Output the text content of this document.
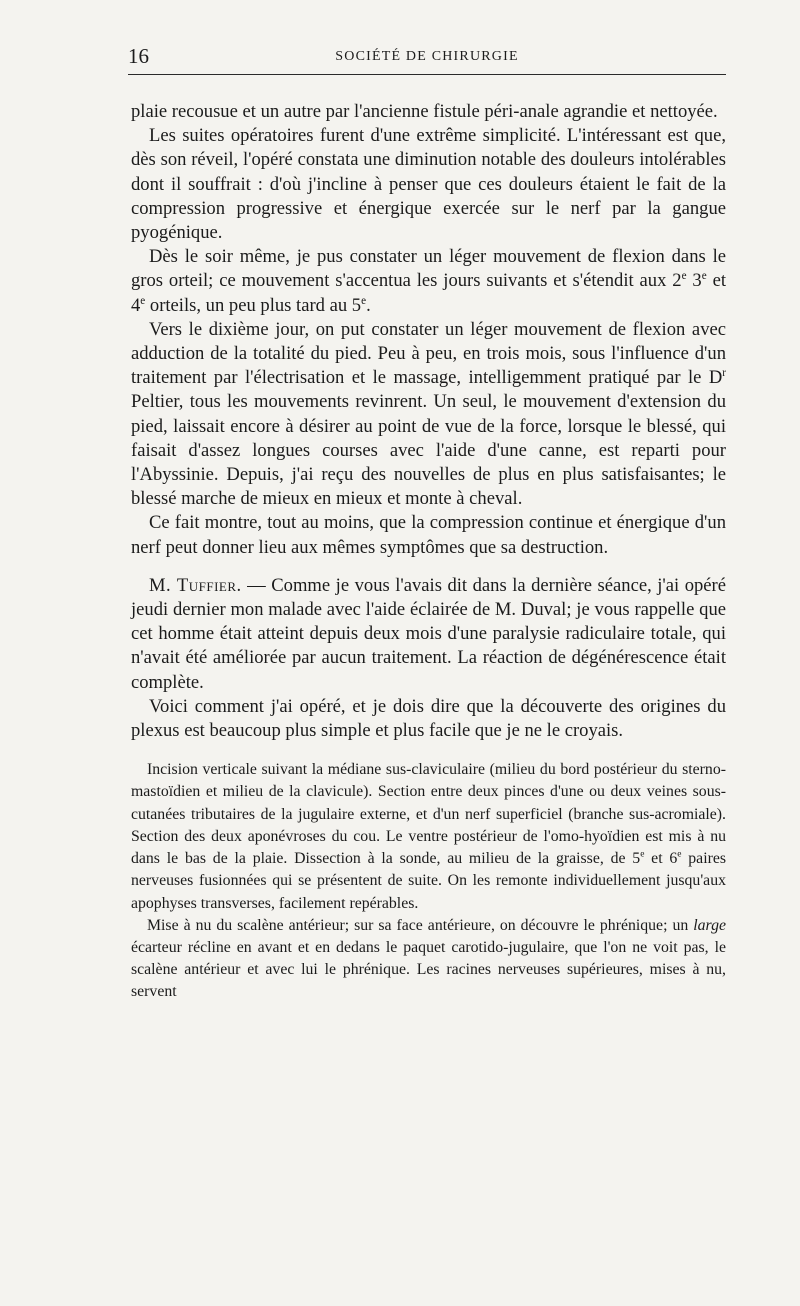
16	SOCIÉTÉ DE CHIRURGIE

plaie recousue et un autre par l'ancienne fistule péri-anale agrandie et nettoyée.

Les suites opératoires furent d'une extrême simplicité. L'intéressant est que, dès son réveil, l'opéré constata une diminution notable des douleurs intolérables dont il souffrait : d'où j'incline à penser que ces douleurs étaient le fait de la compression progressive et énergique exercée sur le nerf par la gangue pyogénique.

Dès le soir même, je pus constater un léger mouvement de flexion dans le gros orteil; ce mouvement s'accentua les jours suivants et s'étendit aux 2e 3e et 4e orteils, un peu plus tard au 5e.

Vers le dixième jour, on put constater un léger mouvement de flexion avec adduction de la totalité du pied. Peu à peu, en trois mois, sous l'influence d'un traitement par l'électrisation et le massage, intelligemment pratiqué par le $D^r$ Peltier, tous les mouvements revinrent. Un seul, le mouvement d'extension du pied, laissait encore à désirer au point de vue de la force, lorsque le blessé, qui faisait d'assez longues courses avec l'aide d'une canne, est reparti pour l'Abyssinie. Depuis, j'ai reçu des nouvelles de plus en plus satisfaisantes; le blessé marche de mieux en mieux et monte à cheval.

Ce fait montre, tout au moins, que la compression continue et énergique d'un nerf peut donner lieu aux mêmes symptômes que sa destruction.

M. Tuffier. — Comme je vous l'avais dit dans la dernière séance, j'ai opéré jeudi dernier mon malade avec l'aide éclairée de M. Duval; je vous rappelle que cet homme était atteint depuis deux mois d'une paralysie radiculaire totale, qui n'avait été améliorée par aucun traitement. La réaction de dégénérescence était complète.

Voici comment j'ai opéré, et je dois dire que la découverte des origines du plexus est beaucoup plus simple et plus facile que je ne le croyais.

Incision verticale suivant la médiane sus-claviculaire (milieu du bord postérieur du sterno-mastoïdien et milieu de la clavicule). Section entre deux pinces d'une ou deux veines sous-cutanées tributaires de la jugulaire externe, et d'un nerf superficiel (branche sus-acromiale). Section des deux aponévroses du cou. Le ventre postérieur de l'omo-hyoïdien est mis à nu dans le bas de la plaie. Dissection à la sonde, au milieu de la graisse, de 5e et 6e paires nerveuses fusionnées qui se présentent de suite. On les remonte individuellement jusqu'aux apophyses transverses, facilement repérables.

Mise à nu du scalène antérieur; sur sa face antérieure, on découvre le phrénique; un large écarteur récline en avant et en dedans le paquet carotido-jugulaire, que l'on ne voit pas, le scalène antérieur et avec lui le phrénique. Les racines nerveuses supérieures, mises à nu, servent
